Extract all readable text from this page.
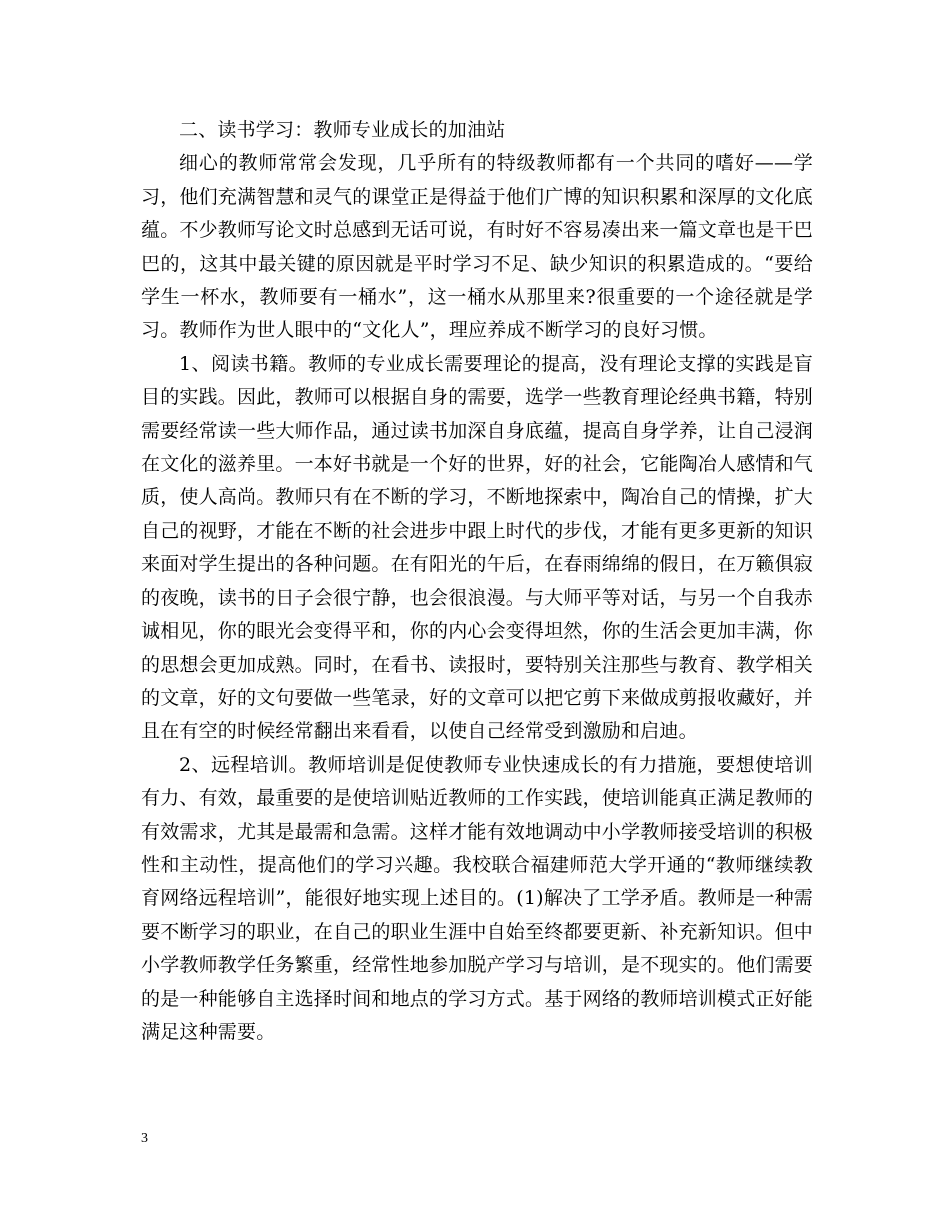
二、读书学习：教师专业成长的加油站

细心的教师常常会发现，几乎所有的特级教师都有一个共同的嗜好——学习，他们充满智慧和灵气的课堂正是得益于他们广博的知识积累和深厚的文化底蕴。不少教师写论文时总感到无话可说，有时好不容易凑出来一篇文章也是干巴巴的，这其中最关键的原因就是平时学习不足、缺少知识的积累造成的。“要给学生一杯水，教师要有一桶水”，这一桶水从那里来?很重要的一个途径就是学习。教师作为世人眼中的“文化人”，理应养成不断学习的良好习惯。

1、阅读书籍。教师的专业成长需要理论的提高，没有理论支撑的实践是盲目的实践。因此，教师可以根据自身的需要，选学一些教育理论经典书籍，特别需要经常读一些大师作品，通过读书加深自身底蕴，提高自身学养，让自己浸润在文化的滋养里。一本好书就是一个好的世界，好的社会，它能陶冶人感情和气质，使人高尚。教师只有在不断的学习，不断地探索中，陶冶自己的情操，扩大自己的视野，才能在不断的社会进步中跟上时代的步伐，才能有更多更新的知识来面对学生提出的各种问题。在有阳光的午后，在春雨绵绵的假日，在万籁俱寂的夜晚，读书的日子会很宁静，也会很浪漫。与大师平等对话，与另一个自我赤诚相见，你的眼光会变得平和，你的内心会变得坦然，你的生活会更加丰满，你的思想会更加成熟。同时，在看书、读报时，要特别关注那些与教育、教学相关的文章，好的文句要做一些笔录，好的文章可以把它剪下来做成剪报收藏好，并且在有空的时候经常翻出来看看，以使自己经常受到激励和启迪。

2、远程培训。教师培训是促使教师专业快速成长的有力措施，要想使培训有力、有效，最重要的是使培训贴近教师的工作实践，使培训能真正满足教师的有效需求，尤其是最需和急需。这样才能有效地调动中小学教师接受培训的积极性和主动性，提高他们的学习兴趣。我校联合福建师范大学开通的“教师继续教育网络远程培训”，能很好地实现上述目的。(1)解决了工学矛盾。教师是一种需要不断学习的职业，在自己的职业生涯中自始至终都要更新、补充新知识。但中小学教师教学任务繁重，经常性地参加脱产学习与培训，是不现实的。他们需要的是一种能够自主选择时间和地点的学习方式。基于网络的教师培训模式正好能满足这种需要。

3
